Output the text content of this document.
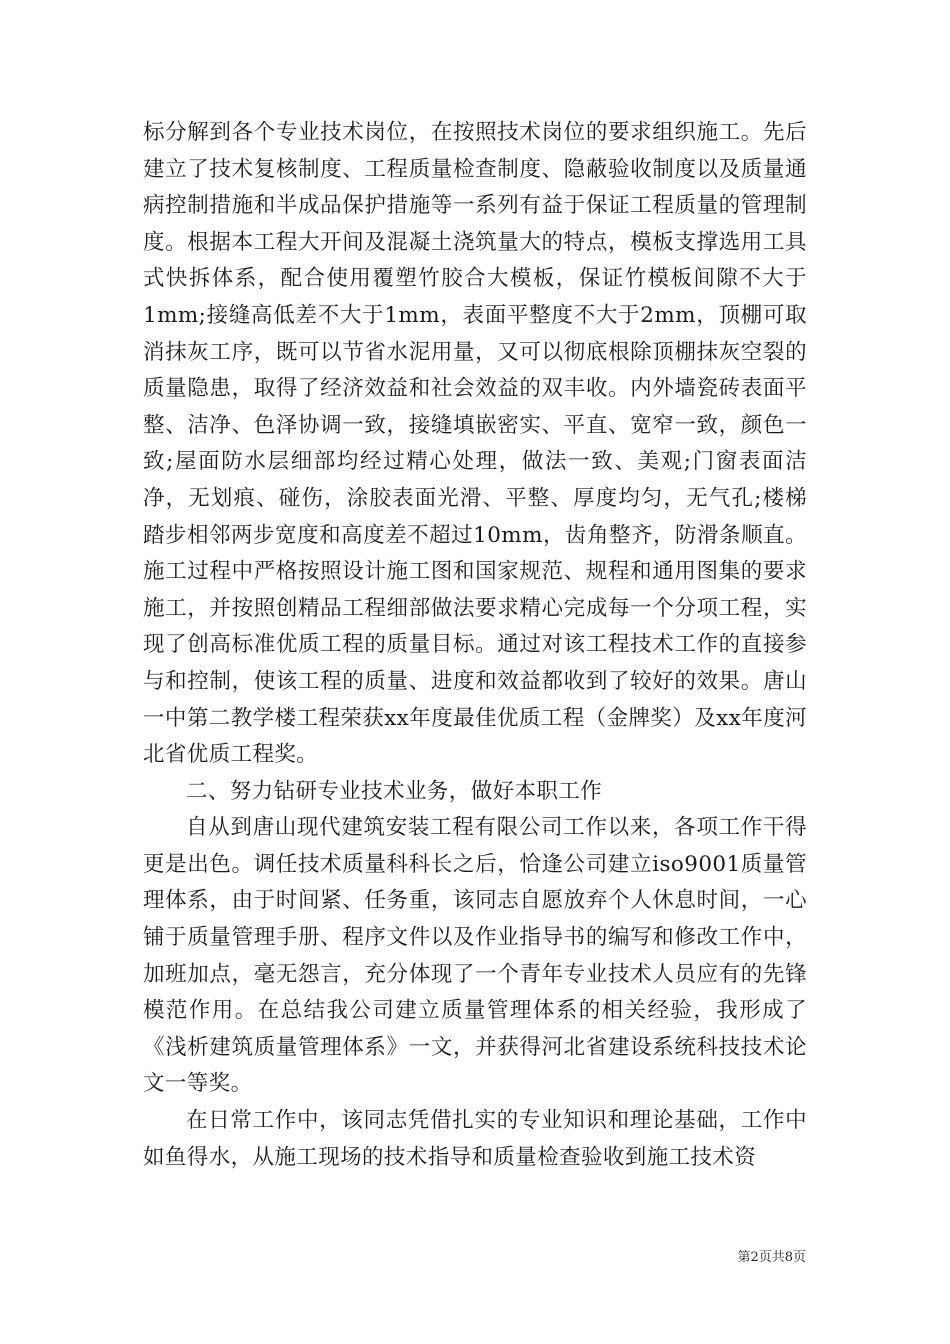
标分解到各个专业技术岗位，在按照技术岗位的要求组织施工。先后建立了技术复核制度、工程质量检查制度、隐蔽验收制度以及质量通病控制措施和半成品保护措施等一系列有益于保证工程质量的管理制度。根据本工程大开间及混凝土浇筑量大的特点，模板支撑选用工具式快拆体系，配合使用覆塑竹胶合大模板，保证竹模板间隙不大于1mm;接缝高低差不大于1mm，表面平整度不大于2mm，顶棚可取消抹灰工序，既可以节省水泥用量，又可以彻底根除顶棚抹灰空裂的质量隐患，取得了经济效益和社会效益的双丰收。内外墙瓷砖表面平整、洁净、色泽协调一致，接缝填嵌密实、平直、宽窄一致，颜色一致;屋面防水层细部均经过精心处理，做法一致、美观;门窗表面洁净，无划痕、碰伤，涂胶表面光滑、平整、厚度均匀，无气孔;楼梯踏步相邻两步宽度和高度差不超过10mm，齿角整齐，防滑条顺直。施工过程中严格按照设计施工图和国家规范、规程和通用图集的要求施工，并按照创精品工程细部做法要求精心完成每一个分项工程，实现了创高标准优质工程的质量目标。通过对该工程技术工作的直接参与和控制，使该工程的质量、进度和效益都收到了较好的效果。唐山一中第二教学楼工程荣获xx年度最佳优质工程（金牌奖）及xx年度河北省优质工程奖。

二、努力钻研专业技术业务，做好本职工作

自从到唐山现代建筑安装工程有限公司工作以来，各项工作干得更是出色。调任技术质量科科长之后，恰逢公司建立iso9001质量管理体系，由于时间紧、任务重，该同志自愿放弃个人休息时间，一心铺于质量管理手册、程序文件以及作业指导书的编写和修改工作中，加班加点，毫无怨言，充分体现了一个青年专业技术人员应有的先锋模范作用。在总结我公司建立质量管理体系的相关经验，我形成了《浅析建筑质量管理体系》一文，并获得河北省建设系统科技技术论文一等奖。

在日常工作中，该同志凭借扎实的专业知识和理论基础，工作中如鱼得水，从施工现场的技术指导和质量检查验收到施工技术资

第2页共8页
